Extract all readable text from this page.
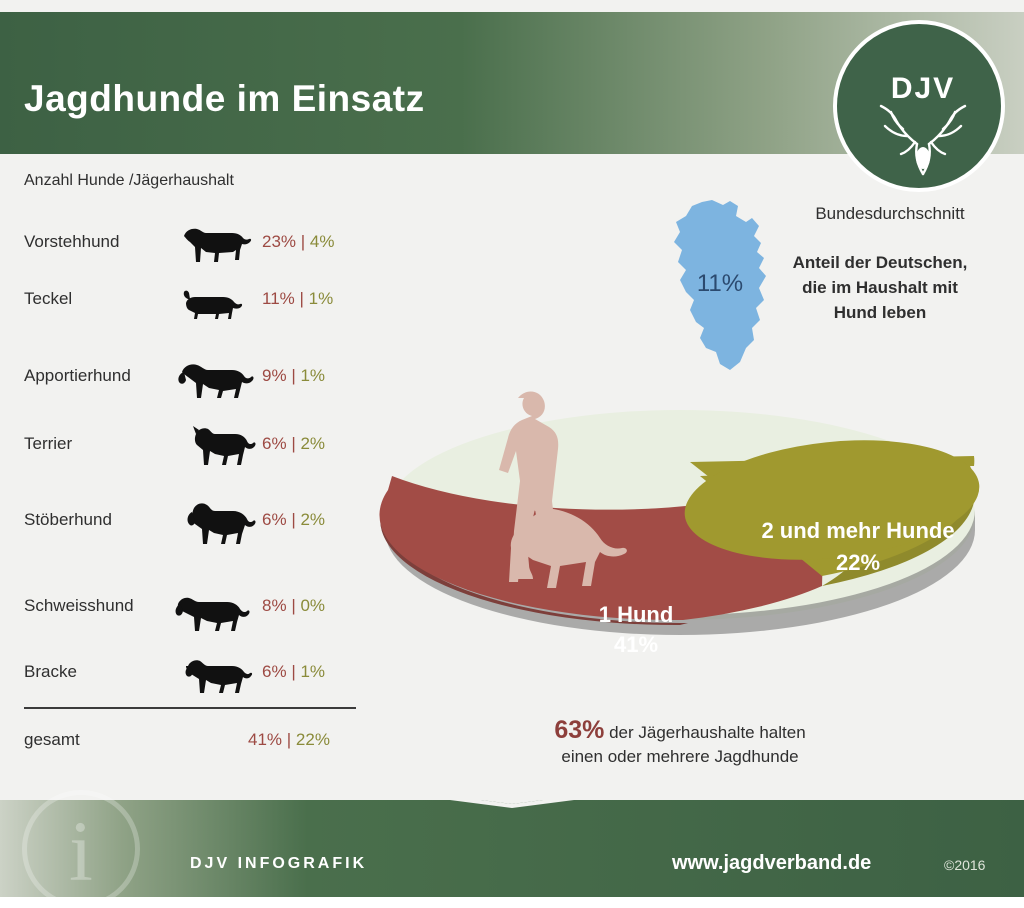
Jagdhunde im Einsatz	DJV
Anzahl Hunde /Jägerhaushalt
Vorstehhund	23% | 4%
Teckel	11% | 1%
Apportierhund	9% | 1%
Terrier	6% | 2%
Stöberhund	6% | 2%
Schweisshund	8% | 0%
Bracke	6% | 1%
gesamt	41% | 22%
11%
Bundesdurchschnitt
Anteil der Deutschen, die im Haushalt mit Hund leben
1 Hund
41%
2 und mehr Hunde
22%
63% der Jägerhaushalte halten
einen oder mehrere Jagdhunde
i	DJV INFOGRAFIK	www.jagdverband.de	©2016
